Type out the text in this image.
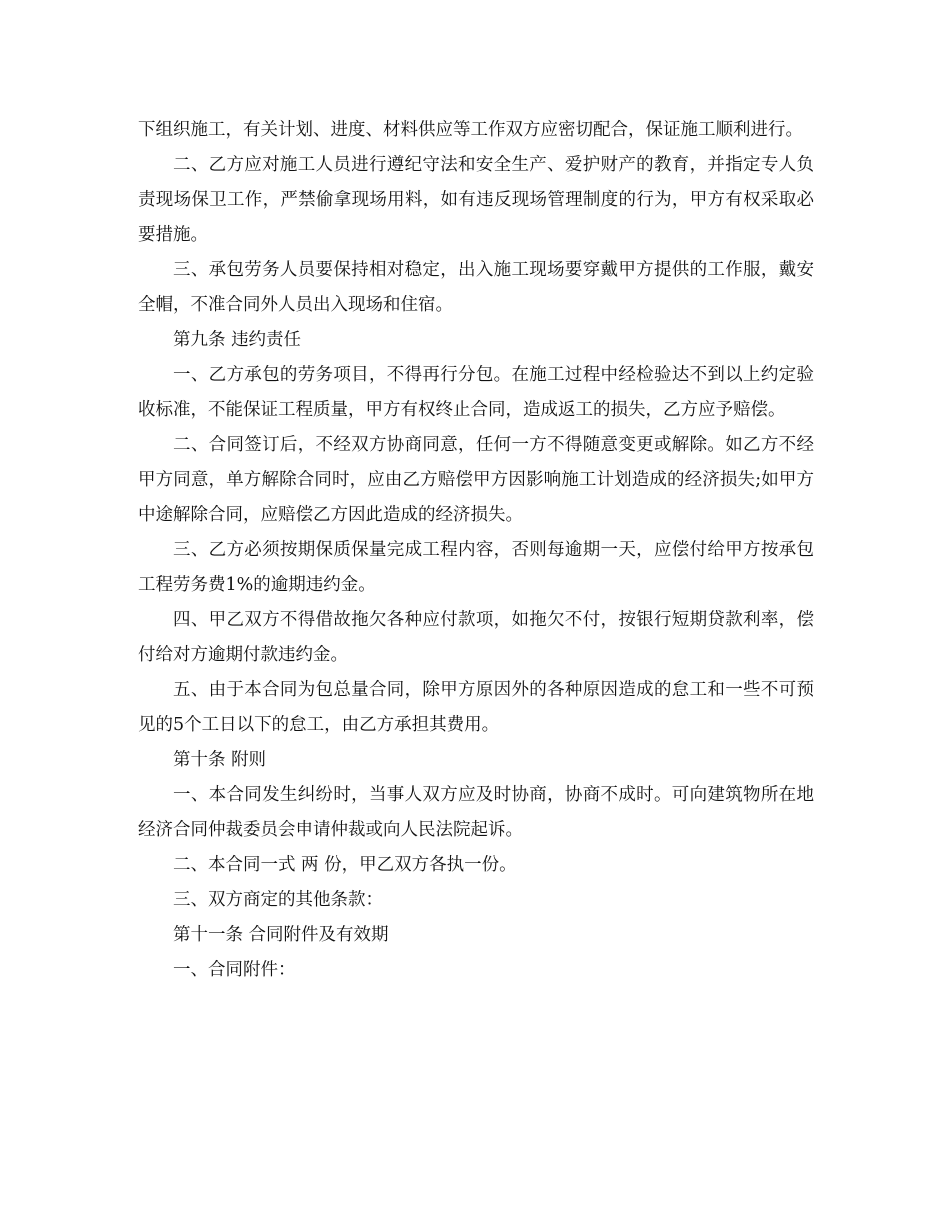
下组织施工，有关计划、进度、材料供应等工作双方应密切配合，保证施工顺利进行。

二、乙方应对施工人员进行遵纪守法和安全生产、爱护财产的教育，并指定专人负责现场保卫工作，严禁偷拿现场用料，如有违反现场管理制度的行为，甲方有权采取必要措施。

三、承包劳务人员要保持相对稳定，出入施工现场要穿戴甲方提供的工作服，戴安全帽，不准合同外人员出入现场和住宿。

第九条 违约责任

一、乙方承包的劳务项目，不得再行分包。在施工过程中经检验达不到以上约定验收标准，不能保证工程质量，甲方有权终止合同，造成返工的损失，乙方应予赔偿。

二、合同签订后，不经双方协商同意，任何一方不得随意变更或解除。如乙方不经甲方同意，单方解除合同时，应由乙方赔偿甲方因影响施工计划造成的经济损失;如甲方中途解除合同，应赔偿乙方因此造成的经济损失。

三、乙方必须按期保质保量完成工程内容，否则每逾期一天，应偿付给甲方按承包工程劳务费1%的逾期违约金。

四、甲乙双方不得借故拖欠各种应付款项，如拖欠不付，按银行短期贷款利率，偿付给对方逾期付款违约金。

五、由于本合同为包总量合同，除甲方原因外的各种原因造成的怠工和一些不可预见的5个工日以下的怠工，由乙方承担其费用。

第十条 附则

一、本合同发生纠纷时，当事人双方应及时协商，协商不成时。可向建筑物所在地经济合同仲裁委员会申请仲裁或向人民法院起诉。

二、本合同一式 两 份，甲乙双方各执一份。

三、双方商定的其他条款：

第十一条 合同附件及有效期

一、合同附件：
